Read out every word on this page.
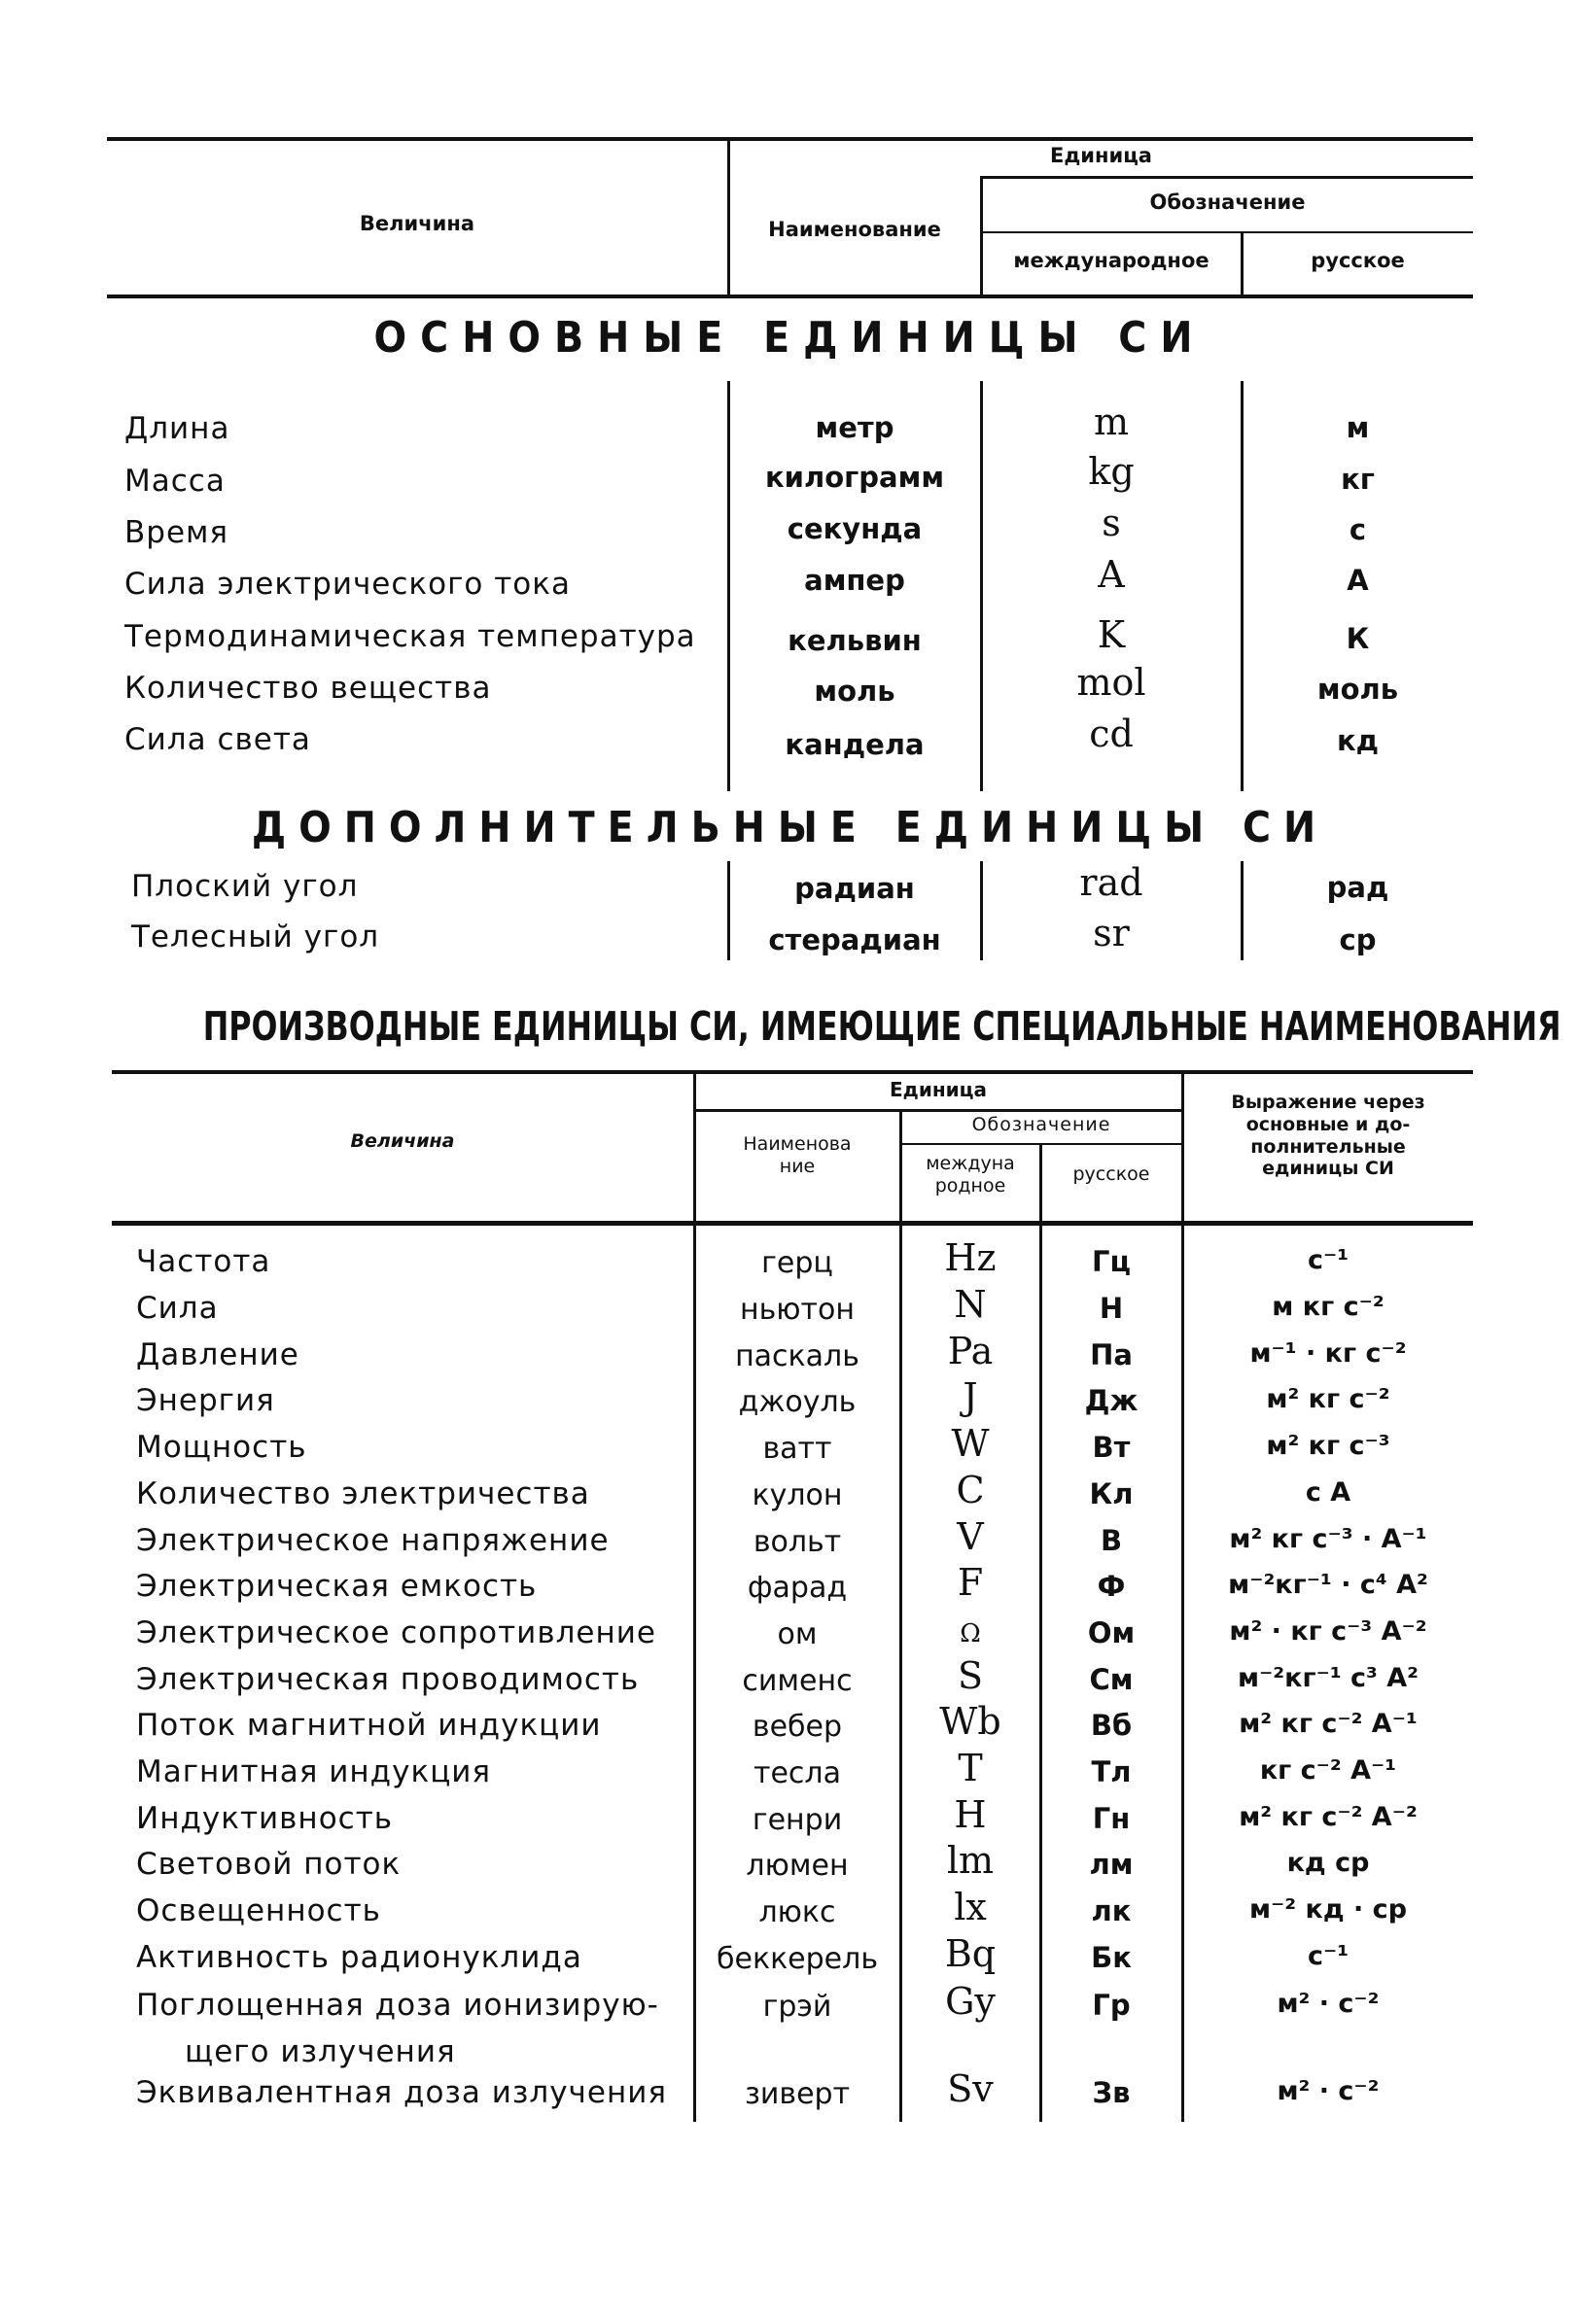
Величина
Единица
Наименование
Обозначение
международное	русское
ОСНОВНЫЕ ЕДИНИЦЫ СИ
Длина	метр	m	м
Масса	килограмм	kg	кг
Время	секунда	s	с
Сила электрического тока	ампер	A	А
Термодинамическая температура	кельвин	K	К
Количество вещества	моль	mol	моль
Сила света	кандела	cd	кд
ДОПОЛНИТЕЛЬНЫЕ ЕДИНИЦЫ СИ
Плоский угол	радиан	rad	рад
Телесный угол	стерадиан	sr	ср
ПРОИЗВОДНЫЕ ЕДИНИЦЫ СИ, ИМЕЮЩИЕ СПЕЦИАЛЬНЫЕ НАИМЕНОВАНИЯ
Величина
Единица
Наименова
ние
Обозначение
междуна
родное
русское
Выражение через
основные и до-
полнительные
единицы СИ
Частота	герц	Hz	Гц	с⁻¹
Сила	ньютон	N	Н	м кг с⁻²
Давление	паскаль	Pa	Па	м⁻¹ · кг с⁻²
Энергия	джоуль	J	Дж	м² кг с⁻²
Мощность	ватт	W	Вт	м² кг с⁻³
Количество электричества	кулон	C	Кл	с А
Электрическое напряжение	вольт	V	В	м² кг с⁻³ · А⁻¹
Электрическая емкость	фарад	F	Ф	м⁻²кг⁻¹ · с⁴ А²
Электрическое сопротивление	ом	Ω	Ом	м² · кг с⁻³ А⁻²
Электрическая проводимость	сименс	S	См	м⁻²кг⁻¹ с³ А²
Поток магнитной индукции	вебер	Wb	Вб	м² кг с⁻² А⁻¹
Магнитная индукция	тесла	T	Тл	кг с⁻² А⁻¹
Индуктивность	генри	H	Гн	м² кг с⁻² А⁻²
Световой поток	люмен	lm	лм	кд ср
Освещенность	люкс	lx	лк	м⁻² кд · ср
Активность радионуклида	беккерель	Bq	Бк	с⁻¹
Поглощенная доза ионизирую-
щего излучения
грэй	Gy	Гр	м² · с⁻²
Эквивалентная доза излучения	зиверт	Sv	Зв	м² · с⁻²
